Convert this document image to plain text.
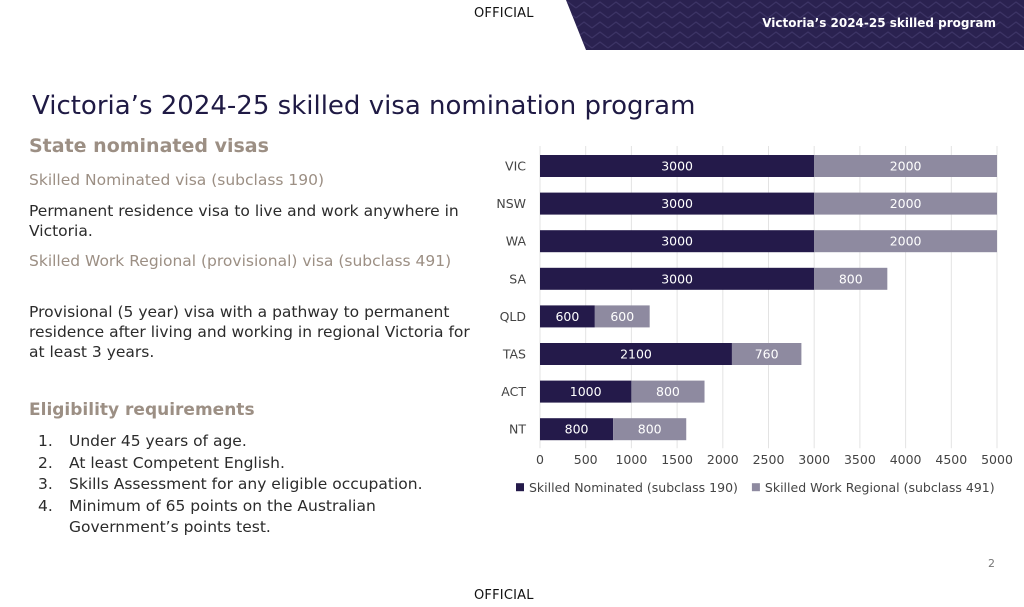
Victoria’s 2024-25 skilled program
OFFICIAL
Victoria’s 2024-25 skilled visa nomination program
State nominated visas
Skilled Nominated visa (subclass 190)
Permanent residence visa to live and work anywhere in Victoria.
Skilled Work Regional (provisional) visa (subclass 491)
Provisional (5 year) visa with a pathway to permanent residence after living and working in regional Victoria for at least 3 years.
Eligibility requirements
1. Under 45 years of age.
2. At least Competent English.
3. Skills Assessment for any eligible occupation.
4. Minimum of 65 points on the Australian Government’s points test.
0 500 1000 1500 2000 2500 3000 3500 4000 4500 5000
VIC	3000	2000
NSW	3000	2000
WA	3000	2000
SA	3000	800
QLD 600 600
TAS	2100	760
ACT	1000	800
NT	800	800
Skilled Nominated (subclass 190) Skilled Work Regional (subclass 491)
2
OFFICIAL
